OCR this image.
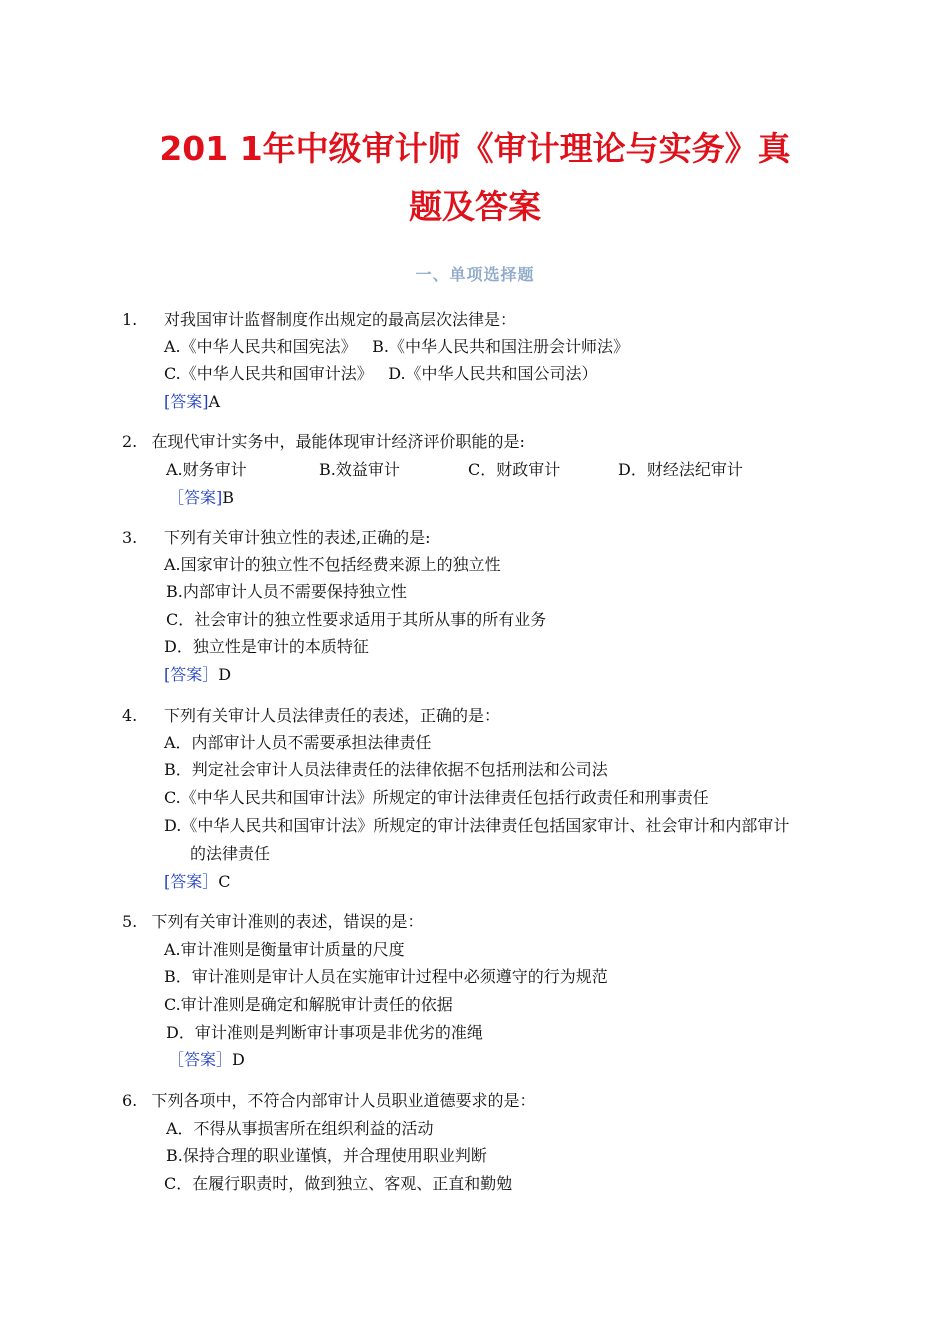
201 1年中级审计师《审计理论与实务》真
题及答案
一、单项选择题
1. 对我国审计监督制度作出规定的最高层次法律是：
A.《中华人民共和国宪法》ﾠB.《中华人民共和国注册会计师法》
C.《中华人民共和国审计法》ﾠD.《中华人民共和国公司法）
[答案]A
2.
ﾠ在现代审计实务中，最能体现审计经济评价职能的是:
A.财务审计	B.效益审计	C．财政审计	D．财经法纪审计
［答案]B
3. 下列有关审计独立性的表述,正确的是:
A.国家审计的独立性不包括经费来源上的独立性
B.内部审计人员不需要保持独立性
C．社会审计的独立性要求适用于其所从事的所有业务
D．独立性是审计的本质特征
[答案］D
4. 下列有关审计人员法律责任的表述，正确的是：
A．内部审计人员不需要承担法律责任
B．判定社会审计人员法律责任的法律依据不包括刑法和公司法
C.《中华人民共和国审计法》所规定的审计法律责任包括行政责任和刑事责任
D.《中华人民共和国审计法》所规定的审计法律责任包括国家审计、社会审计和内部审计
的法律责任
[答案］C
5.
ﾠ下列有关审计准则的表述，错误的是：
A.审计准则是衡量审计质量的尺度
B．审计准则是审计人员在实施审计过程中必须遵守的行为规范
C.审计准则是确定和解脱审计责任的依据
D．审计准则是判断审计事项是非优劣的准绳
［答案］D
6.
ﾠ下列各项中，不符合内部审计人员职业道德要求的是：
A．不得从事损害所在组织利益的活动
B.保持合理的职业谨慎，并合理使用职业判断
C．在履行职责时，做到独立、客观、正直和勤勉
